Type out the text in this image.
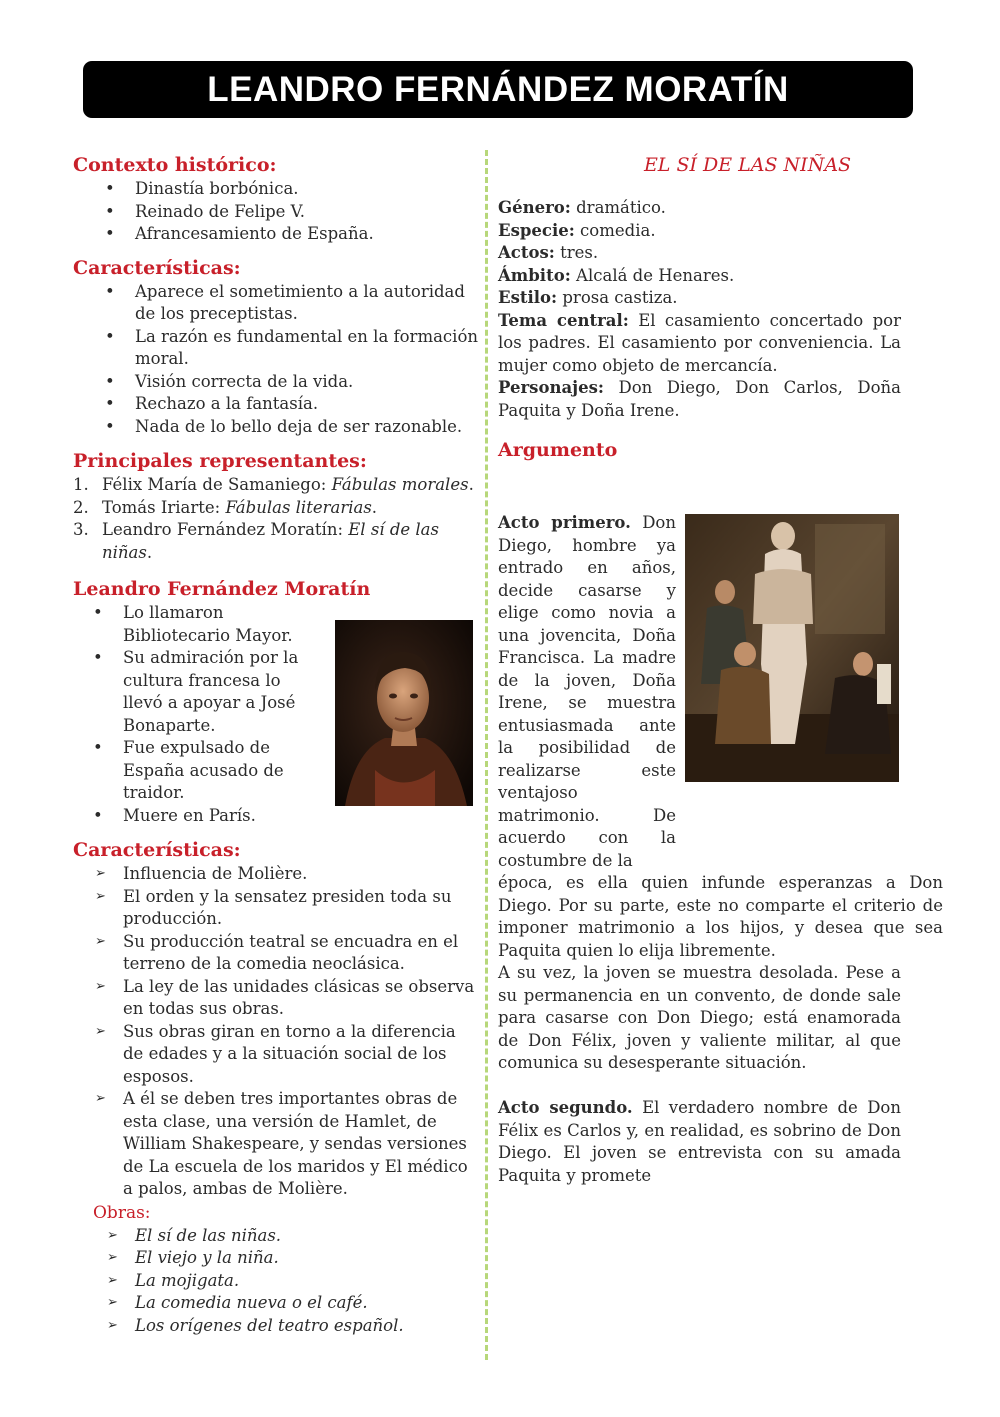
LEANDRO FERNÁNDEZ MORATÍN
Contexto histórico:
• Dinastía borbónica.
• Reinado de Felipe V.
• Afrancesamiento de España.
Características:
• Aparece el sometimiento a la autoridad de los preceptistas.
• La razón es fundamental en la formación moral.
• Visión correcta de la vida.
• Rechazo a la fantasía.
• Nada de lo bello deja de ser razonable.
Principales representantes:
1. Félix María de Samaniego: Fábulas morales.
2. Tomás Iriarte: Fábulas literarias.
3. Leandro Fernández Moratín: El sí de las niñas.
Leandro Fernández Moratín
• Lo llamaron Bibliotecario Mayor.
• Su admiración por la cultura francesa lo llevó a apoyar a José Bonaparte.
• Fue expulsado de España acusado de traidor.
• Muere en París.
Características:
➢ Influencia de Molière.
➢ El orden y la sensatez presiden toda su producción.
➢ Su producción teatral se encuadra en el terreno de la comedia neoclásica.
➢ La ley de las unidades clásicas se observa en todas sus obras.
➢ Sus obras giran en torno a la diferencia de edades y a la situación social de los esposos.
➢ A él se deben tres importantes obras de esta clase, una versión de Hamlet, de William Shakespeare, y sendas versiones de La escuela de los maridos y El médico a palos, ambas de Molière.
Obras:
➢ El sí de las niñas.
➢ El viejo y la niña.
➢ La mojigata.
➢ La comedia nueva o el café.
➢ Los orígenes del teatro español.
EL SÍ DE LAS NIÑAS
Género: dramático.
Especie: comedia.
Actos: tres.
Ámbito: Alcalá de Henares.
Estilo: prosa castiza.
Tema central: El casamiento concertado por los padres. El casamiento por conveniencia. La mujer como objeto de mercancía.
Personajes: Don Diego, Don Carlos, Doña Paquita y Doña Irene.
Argumento
Acto primero. Don Diego, hombre ya entrado en años, decide casarse y elige como novia a una jovencita, Doña Francisca. La madre de la joven, Doña Irene, se muestra entusiasmada ante la posibilidad de realizarse este ventajoso matrimonio. De acuerdo con la costumbre de la
época, es ella quien infunde esperanzas a Don Diego. Por su parte, este no comparte el criterio de imponer matrimonio a los hijos, y desea que sea Paquita quien lo elija libremente.
A su vez, la joven se muestra desolada. Pese a su permanencia en un convento, de donde sale para casarse con Don Diego; está enamorada de Don Félix, joven y valiente militar, al que comunica su desesperante situación.
Acto segundo. El verdadero nombre de Don Félix es Carlos y, en realidad, es sobrino de Don Diego. El joven se entrevista con su amada Paquita y promete
